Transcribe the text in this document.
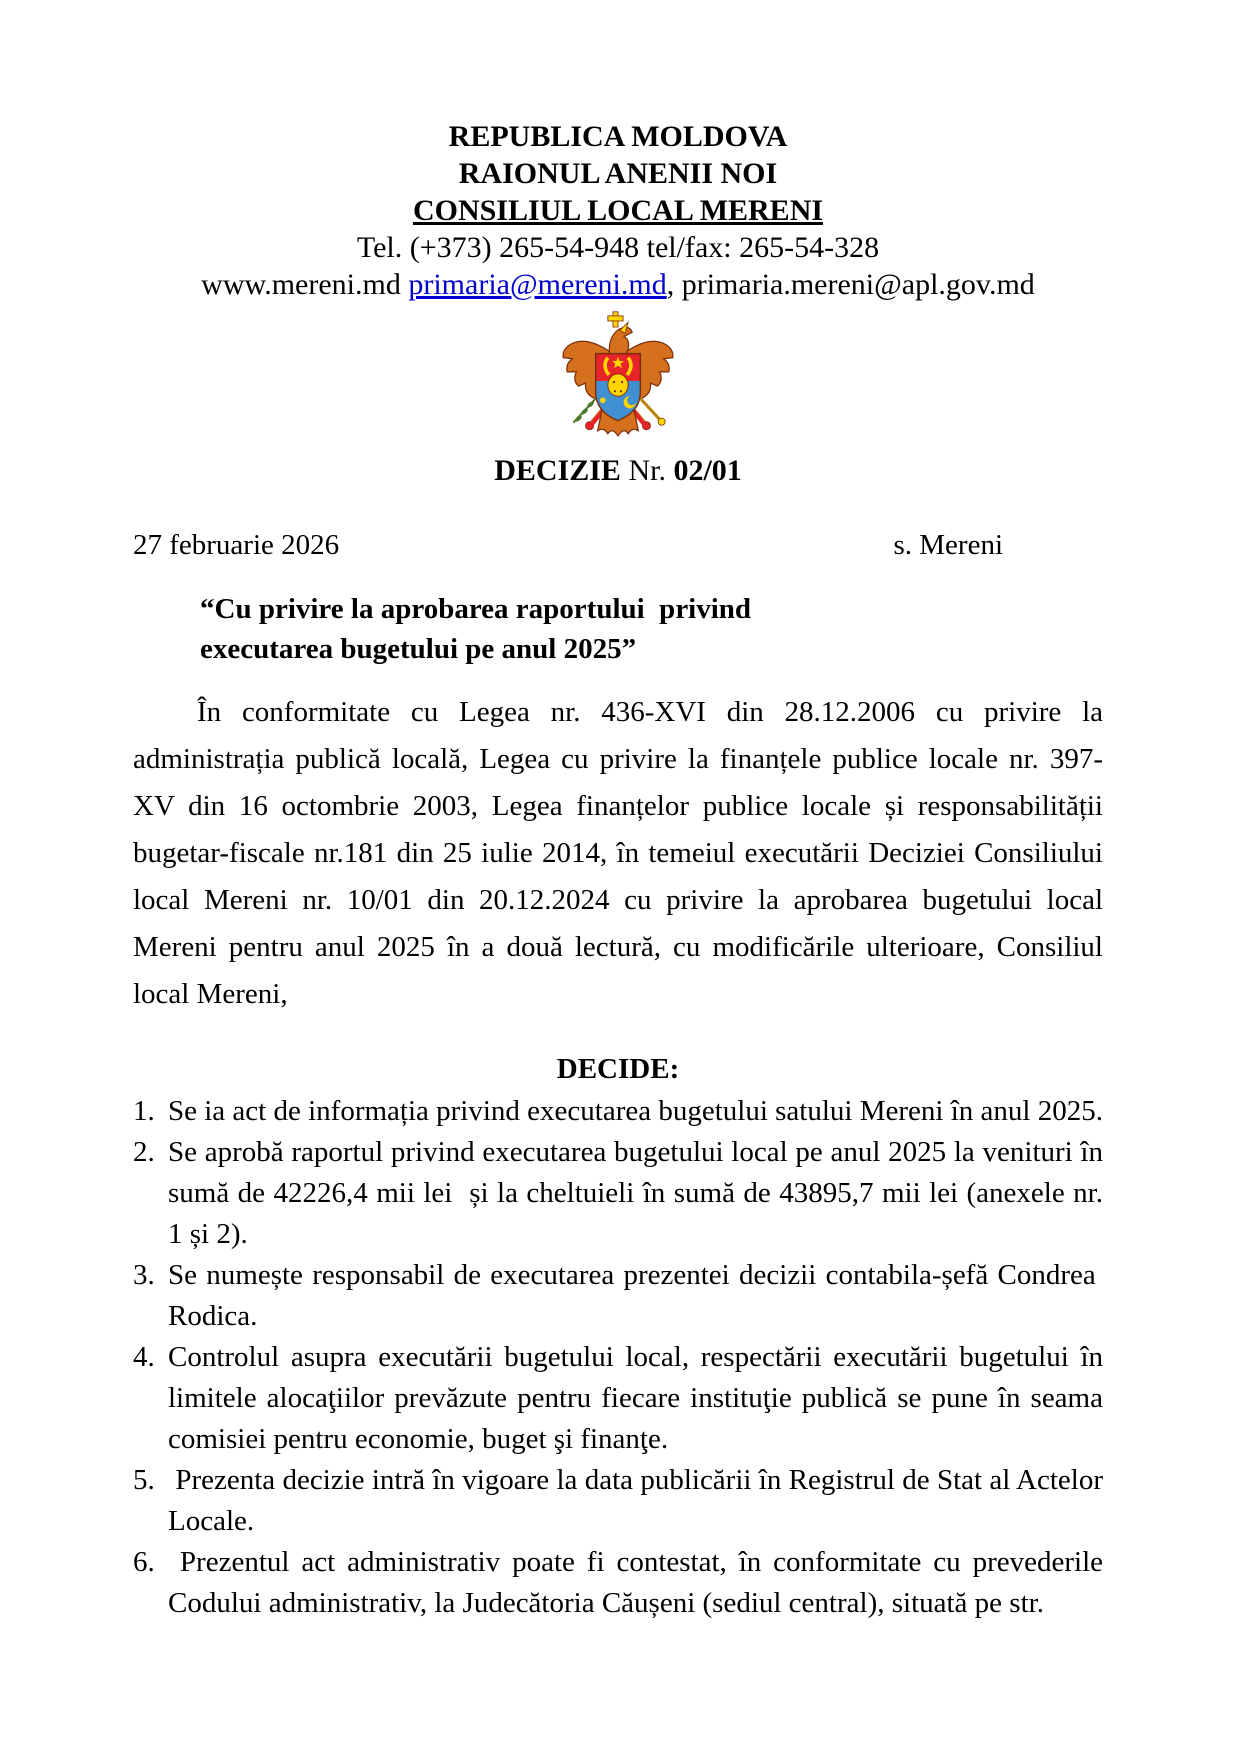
REPUBLICA MOLDOVA
RAIONUL ANENII NOI
CONSILIUL LOCAL MERENI
Tel. (+373) 265-54-948 tel/fax: 265-54-328
www.mereni.md primaria@mereni.md, primaria.mereni@apl.gov.md
DECIZIE Nr. 02/01
27 februarie 2026	s. Mereni
“Cu privire la aprobarea raportului  privind
executarea bugetului pe anul 2025”

În conformitate cu Legea nr. 436-XVI din 28.12.2006 cu privire la administrația publică locală, Legea cu privire la finanțele publice locale nr. 397-XV din 16 octombrie 2003, Legea finanțelor publice locale și responsabilității bugetar-fiscale nr.181 din 25 iulie 2014, în temeiul executării Deciziei Consiliului local Mereni nr. 10/01 din 20.12.2024 cu privire la aprobarea bugetului local Mereni pentru anul 2025 în a două lectură, cu modificările ulterioare, Consiliul local Mereni,

DECIDE:
1. Se ia act de informația privind executarea bugetului satului Mereni în anul 2025.
2. Se aprobă raportul privind executarea bugetului local pe anul 2025 la venituri în sumă de 42226,4 mii lei  și la cheltuieli în sumă de 43895,7 mii lei (anexele nr. 1 și 2).
3. Se numește responsabil de executarea prezentei decizii contabila-șefă Condrea  Rodica.
4. Controlul asupra executării bugetului local, respectării executării bugetului în limitele alocaţiilor prevăzute pentru fiecare instituţie publică se pune în seama comisiei pentru economie, buget şi finanţe.
5. Prezenta decizie intră în vigoare la data publicării în Registrul de Stat al Actelor Locale.
6. Prezentul act administrativ poate fi contestat, în conformitate cu prevederile Codului administrativ, la Judecătoria Căușeni (sediul central), situată pe str.
